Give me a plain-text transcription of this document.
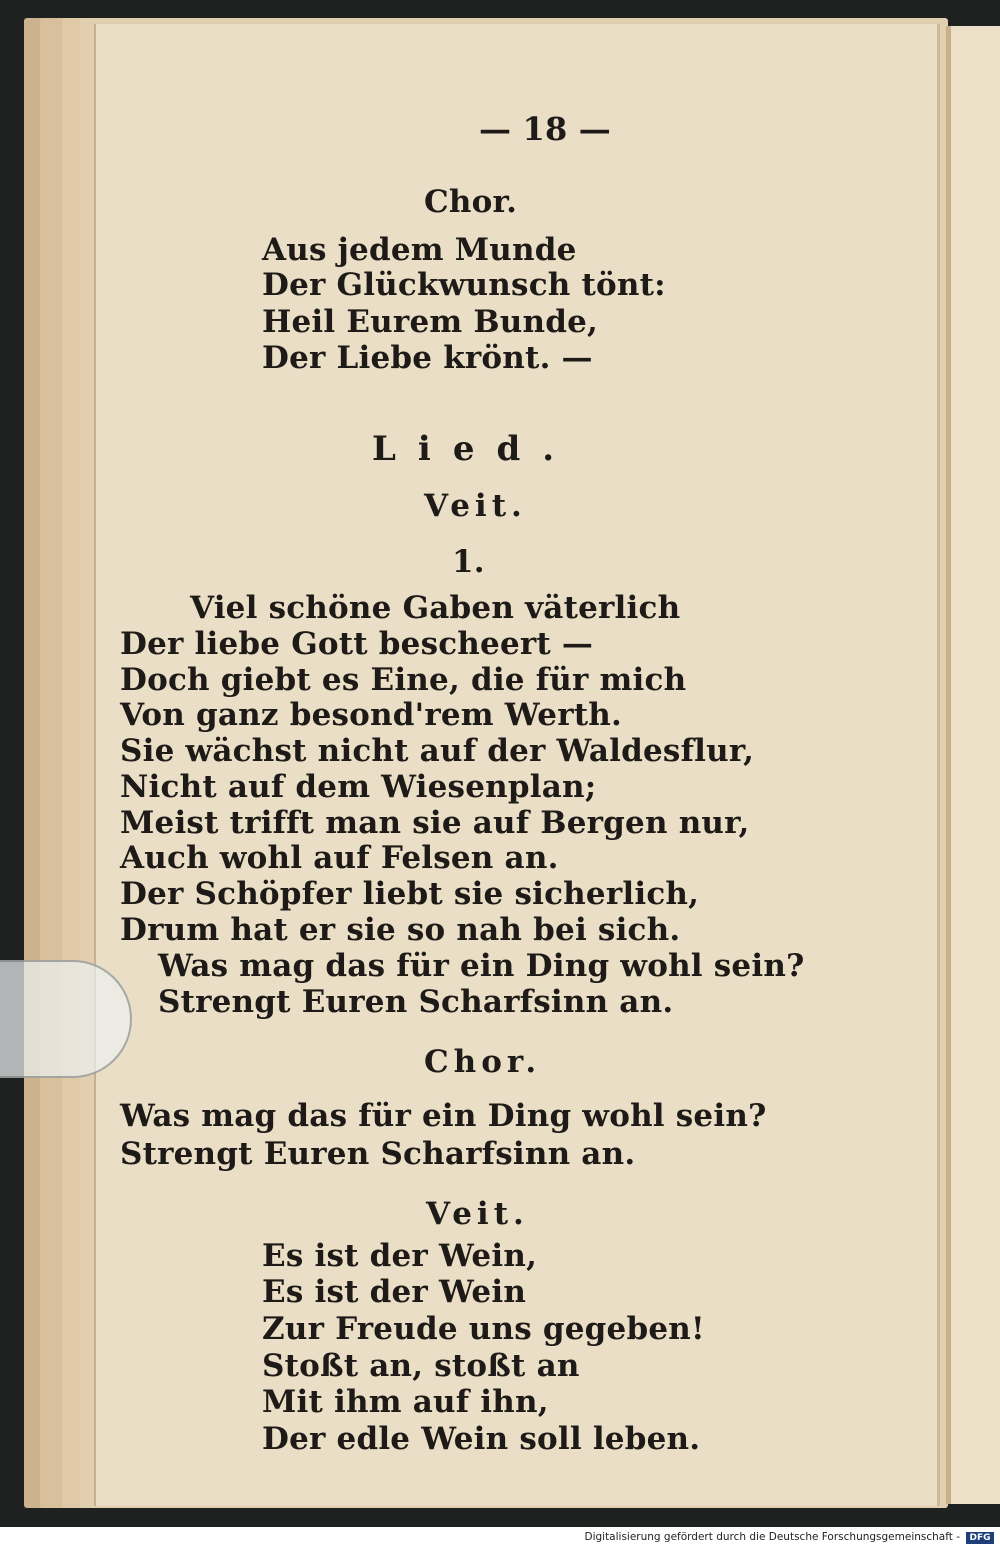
— 18 —
Chor.
Aus jedem Munde
Der Glückwunsch tönt:
Heil Eurem Bunde,
Der Liebe krönt. —
Lied.
Veit.
1.
Viel schöne Gaben väterlich
Der liebe Gott bescheert —
Doch giebt es Eine, die für mich
Von ganz besond'rem Werth.
Sie wächst nicht auf der Waldesflur,
Nicht auf dem Wiesenplan;
Meist trifft man sie auf Bergen nur,
Auch wohl auf Felsen an.
Der Schöpfer liebt sie sicherlich,
Drum hat er sie so nah bei sich.
Was mag das für ein Ding wohl sein?
Strengt Euren Scharfsinn an.
Chor.
Was mag das für ein Ding wohl sein?
Strengt Euren Scharfsinn an.
Veit.
Es ist der Wein,
Es ist der Wein
Zur Freude uns gegeben!
Stoßt an, stoßt an
Mit ihm auf ihn,
Der edle Wein soll leben.
Digitalisierung gefördert durch die Deutsche Forschungsgemeinschaft -	DFG
